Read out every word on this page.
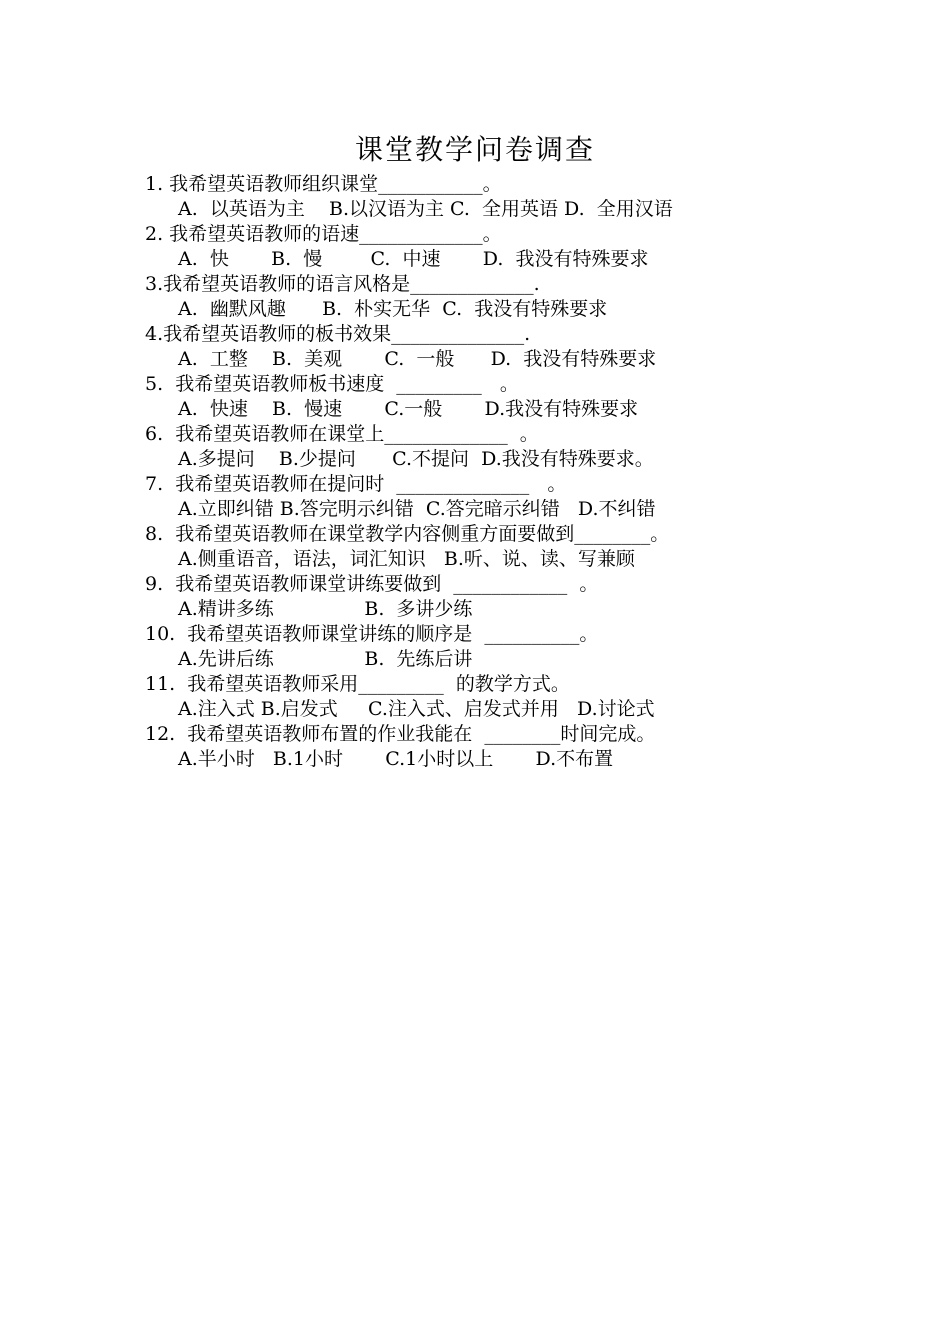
课堂教学问卷调查
1. 我希望英语教师组织课堂___________。
A.  以英语为主    B.以汉语为主 C.  全用英语 D.  全用汉语
2. 我希望英语教师的语速_____________。
A.  快       B.  慢        C.  中速       D.  我没有特殊要求
3.我希望英语教师的语言风格是_____________.
A.  幽默风趣      B.  朴实无华  C.  我没有特殊要求
4.我希望英语教师的板书效果______________.
A.  工整    B.  美观       C.  一般      D.  我没有特殊要求
5.  我希望英语教师板书速度  _________   。
A.  快速    B.  慢速       C.一般       D.我没有特殊要求
6.  我希望英语教师在课堂上_____________  。
A.多提问    B.少提问      C.不提问  D.我没有特殊要求。
7.  我希望英语教师在提问时  ______________   。
A.立即纠错 B.答完明示纠错  C.答完暗示纠错   D.不纠错
8.  我希望英语教师在课堂教学内容侧重方面要做到________。
A.侧重语音，语法，词汇知识   B.听、说、读、写兼顾
9.  我希望英语教师课堂讲练要做到  ____________  。
A.精讲多练               B.  多讲少练
10.  我希望英语教师课堂讲练的顺序是  __________。
A.先讲后练               B.  先练后讲
11.  我希望英语教师采用_________  的教学方式。
A.注入式 B.启发式     C.注入式、启发式并用   D.讨论式
12.  我希望英语教师布置的作业我能在  ________时间完成。
A.半小时   B.1小时       C.1小时以上       D.不布置
